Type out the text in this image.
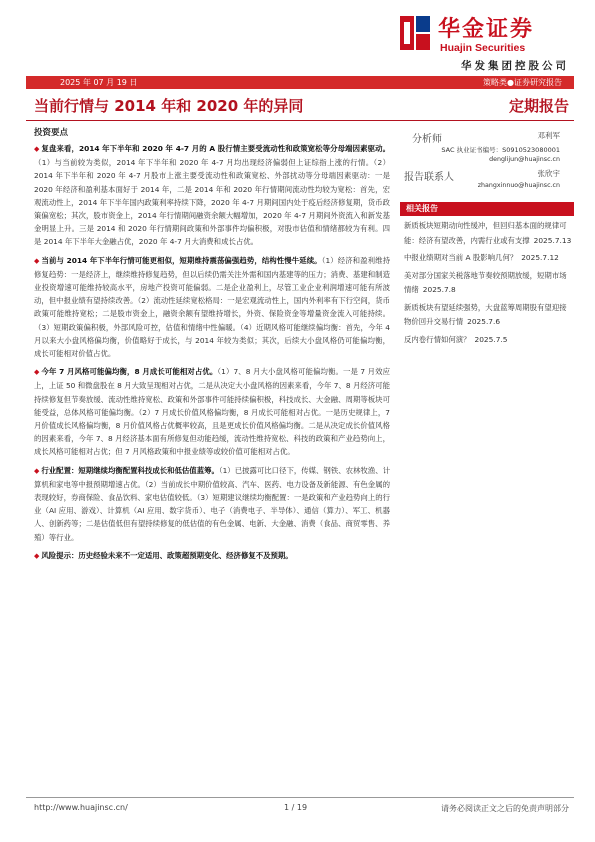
华金证券
Huajin Securities
华发集团控股公司
2025 年 07 月 19 日	策略类●证券研究报告
当前行情与 2014 年和 2020 年的异同	定期报告
投资要点

◆ 复盘来看，2014 年下半年和 2020 年 4-7 月的 A 股行情主要受流动性和政策宽松等分母端因素驱动。（1）与当前较为类似，2014 年下半年和 2020 年 4-7 月均出现经济偏弱但上证综指上涨的行情。（2）2014 年下半年和 2020 年 4-7 月股市上涨主要受流动性和政策宽松、外部扰动等分母端因素驱动：一是 2020 年经济和盈利基本面好于 2014 年，二是 2014 年和 2020 年行情期间流动性均较为宽松：首先，宏观流动性上，2014 年下半年国内政策利率持续下降，2020 年 4-7 月期间国内处于疫后经济修复期，货币政策偏宽松；其次，股市资金上，2014 年行情期间融资余额大幅增加，2020 年 4-7 月期间外资流入和新发基金明显上升。三是 2014 和 2020 年行情期间政策和外部事件均偏积极，对股市估值和情绪都较为有利。四是 2014 年下半年大金融占优，2020 年 4-7 月大消费和成长占优。

◆ 当前与 2014 年下半年行情可能更相似，短期维持震荡偏强趋势，结构性慢牛延续。（1）经济和盈利维持修复趋势：一是经济上，继续维持修复趋势，但以后续仍需关注外需和国内基建等的压力；消费、基建和制造业投资增速可能维持较高水平，房地产投资可能偏弱。二是企业盈利上，尽管工业企业利润增速可能有所波动，但中报业绩有望持续改善。（2）流动性延续宽松格局：一是宏观流动性上，国内外利率有下行空间，货币政策可能维持宽松；二是股市资金上，融资余额有望维持增长，外资、保险资金等增量资金流入可能持续。（3）短期政策偏积极，外部风险可控，估值和情绪中性偏暖。（4）近期风格可能继续偏均衡：首先，今年 4 月以来大小盘风格偏均衡，价值略好于成长，与 2014 年较为类似；其次，后续大小盘风格仍可能偏均衡，成长可能相对价值占优。

◆ 今年 7 月风格可能偏均衡，8 月成长可能相对占优。（1）7、8 月大小盘风格可能偏均衡。一是 7 月效应上，上证 50 和微盘股在 8 月大致呈现相对占优，二是从决定大小盘风格的因素来看，今年 7、8 月经济可能持续修复但节奏放缓、流动性维持宽松、政策和外部事件可能持续偏积极，科技成长、大金融、周期等板块可能受益，总体风格可能偏均衡。（2）7 月成长价值风格偏均衡，8 月成长可能相对占优。一是历史规律上，7 月价值成长风格偏均衡，8 月价值风格占优概率较高，且是更成长价值风格偏均衡。二是从决定成长价值风格的因素来看，今年 7、8 月经济基本面有所修复但动能趋缓，流动性维持宽松、科技的政策和产业趋势向上，成长风格可能相对占优；但 7 月风格政策和中报业绩等或较价值可能相对占优。

◆ 行业配置：短期继续均衡配置科技成长和低估值蓝筹。（1）已披露可比口径下，传媒、钢铁、农林牧渔、计算机和家电等中报预期增速占优。（2）当前成长中期价值较高、汽车、医药、电力设备及新能源、有色金属的表现较好，券商保险、食品饮料、家电估值较低。（3）短期建议继续均衡配置：一是政策和产业趋势向上的行业（AI 应用、游戏）、计算机（AI 应用、数字货币）、电子（消费电子、半导体）、通信（算力）、军工、机器人、创新药等；二是估值低但有望持续修复的低估值的有色金属、电新、大金融、消费（食品、商贸零售、养殖）等行业。

◆ 风险提示：历史经验未来不一定适用、政策超预期变化、经济修复不及预期。

分析师	邓利军
SAC 执业证书编号：S0910523080001
denglijun@huajinsc.cn
报告联系人	张欣宇
zhangxinnuo@huajinsc.cn
相关报告
新质板块短期动向性缓冲，但回归基本面的规律可能：经济有望改善，内需行业或有支撑 2025.7.13
中报业绩期对当前 A 股影响几何？ 2025.7.12
美对部分国家关税落地节奏较预期放缓，短期市场情绪 2025.7.8
新质板块有望延续强势，大盘蓝筹周期股有望迎接物价回升交易行情 2025.7.6
反内卷行情如何演？ 2025.7.5
http://www.huajinsc.cn/	1 / 19	请务必阅读正文之后的免责声明部分
